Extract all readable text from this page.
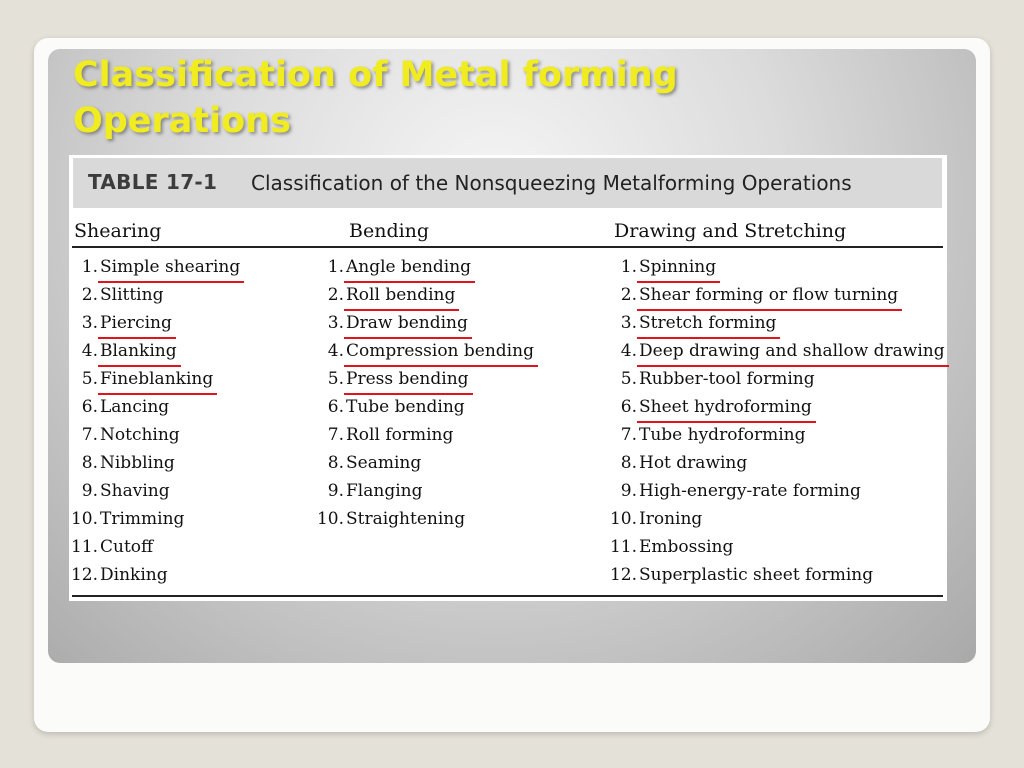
Classification of Metal forming
Operations
TABLE 17-1 Classification of the Nonsqueezing Metalforming Operations
Shearing	Bending	Drawing and Stretching
1. Simple shearing
2. Slitting
3. Piercing
4. Blanking
5. Fineblanking
6. Lancing
7. Notching
8. Nibbling
9. Shaving
10. Trimming
11. Cutoff
12. Dinking
1. Angle bending
2. Roll bending
3. Draw bending
4. Compression bending
5. Press bending
6. Tube bending
7. Roll forming
8. Seaming
9. Flanging
10. Straightening
1. Spinning
2. Shear forming or flow turning
3. Stretch forming
4. Deep drawing and shallow drawing
5. Rubber-tool forming
6. Sheet hydroforming
7. Tube hydroforming
8. Hot drawing
9. High-energy-rate forming
10. Ironing
11. Embossing
12. Superplastic sheet forming
